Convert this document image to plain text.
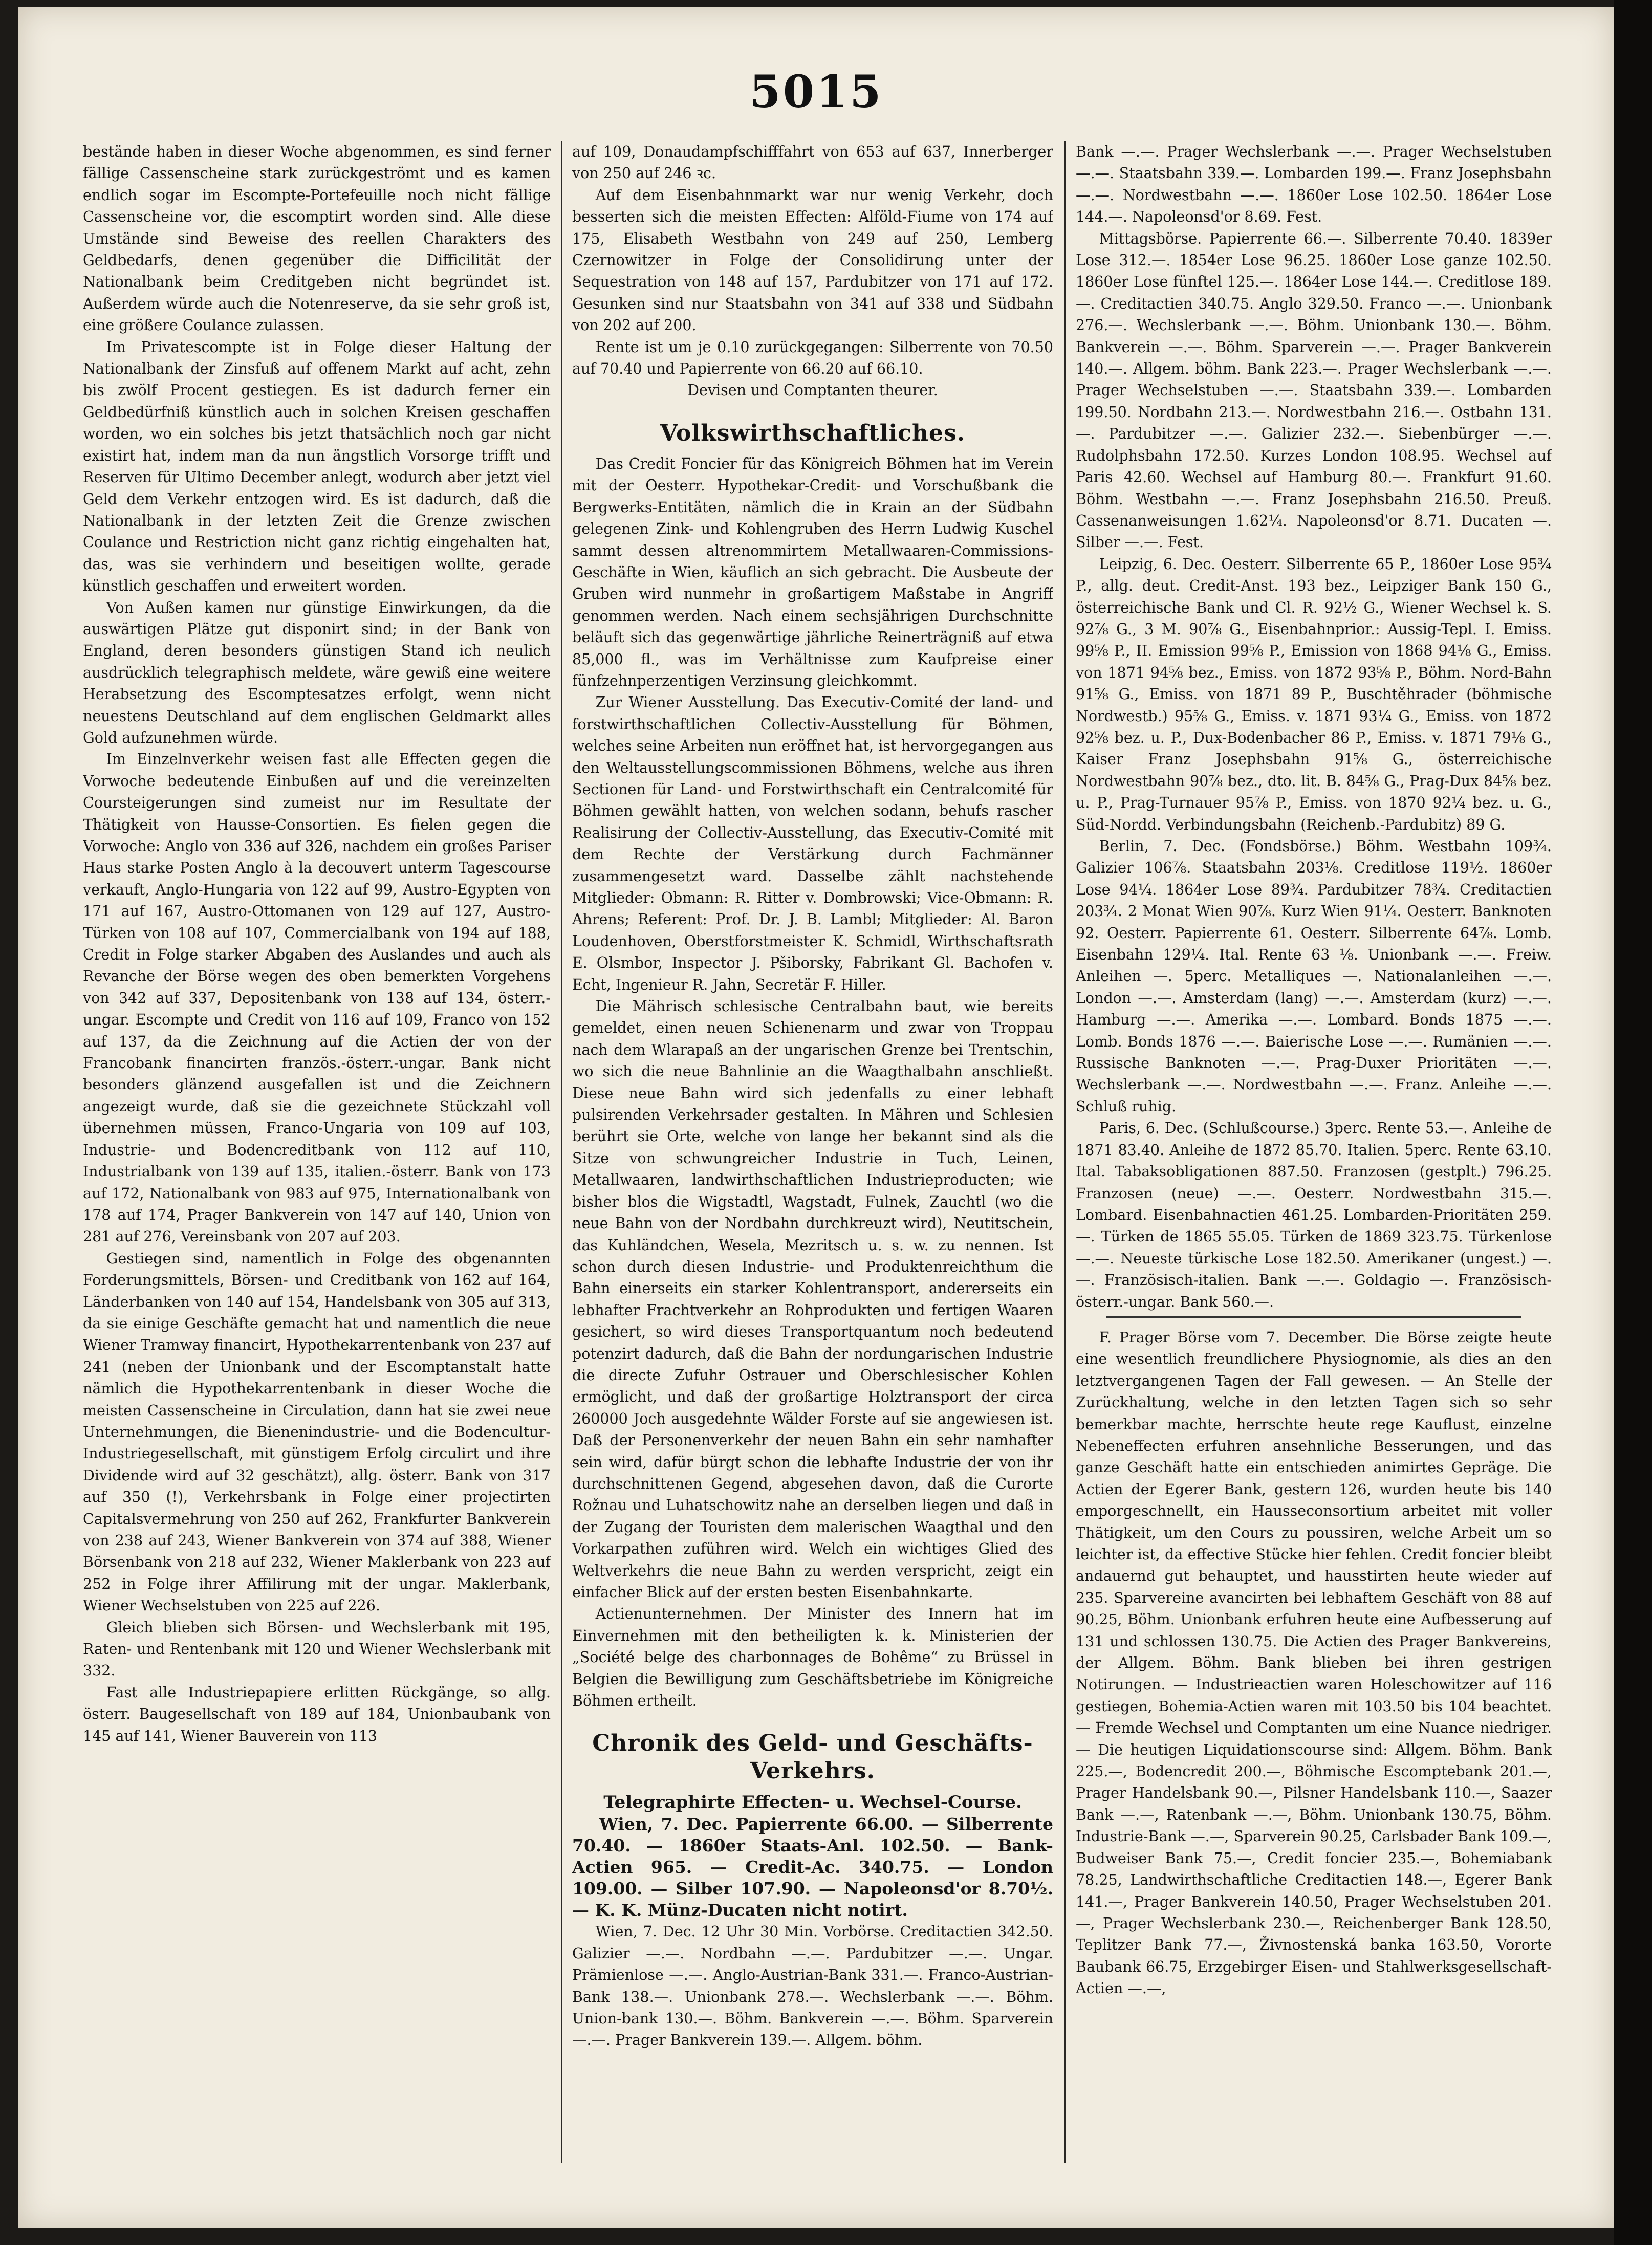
5015

bestände haben in dieser Woche abgenommen, es sind ferner fällige Cassenscheine stark zurückgeströmt und es kamen endlich sogar im Escompte-Portefeuille noch nicht fällige Cassenscheine vor, die escomptirt worden sind. Alle diese Umstände sind Beweise des reellen Charakters des Geldbedarfs, denen gegenüber die Difficilität der Nationalbank beim Creditgeben nicht begründet ist. Außerdem würde auch die Notenreserve, da sie sehr groß ist, eine größere Coulance zulassen.

Im Privatescompte ist in Folge dieser Haltung der Nationalbank der Zinsfuß auf offenem Markt auf acht, zehn bis zwölf Procent gestiegen. Es ist dadurch ferner ein Geldbedürfniß künstlich auch in solchen Kreisen geschaffen worden, wo ein solches bis jetzt thatsächlich noch gar nicht existirt hat, indem man da nun ängstlich Vorsorge trifft und Reserven für Ultimo December anlegt, wodurch aber jetzt viel Geld dem Verkehr entzogen wird. Es ist dadurch, daß die Nationalbank in der letzten Zeit die Grenze zwischen Coulance und Restriction nicht ganz richtig eingehalten hat, das, was sie verhindern und beseitigen wollte, gerade künstlich geschaffen und erweitert worden.

Von Außen kamen nur günstige Einwirkungen, da die auswärtigen Plätze gut disponirt sind; in der Bank von England, deren besonders günstigen Stand ich neulich ausdrücklich telegraphisch meldete, wäre gewiß eine weitere Herabsetzung des Escomptesatzes erfolgt, wenn nicht neuestens Deutschland auf dem englischen Geldmarkt alles Gold aufzunehmen würde.

Im Einzelnverkehr weisen fast alle Effecten gegen die Vorwoche bedeutende Einbußen auf und die vereinzelten Coursteigerungen sind zumeist nur im Resultate der Thätigkeit von Hausse-Consortien. Es fielen gegen die Vorwoche: Anglo von 336 auf 326, nachdem ein großes Pariser Haus starke Posten Anglo à la decouvert unterm Tagescourse verkauft, Anglo-Hungaria von 122 auf 99, Austro-Egypten von 171 auf 167, Austro-Ottomanen von 129 auf 127, Austro-Türken von 108 auf 107, Commercialbank von 194 auf 188, Credit in Folge starker Abgaben des Auslandes und auch als Revanche der Börse wegen des oben bemerkten Vorgehens von 342 auf 337, Depositenbank von 138 auf 134, österr.-ungar. Escompte und Credit von 116 auf 109, Franco von 152 auf 137, da die Zeichnung auf die Actien der von der Francobank financirten französ.-österr.-ungar. Bank nicht besonders glänzend ausgefallen ist und die Zeichnern angezeigt wurde, daß sie die gezeichnete Stückzahl voll übernehmen müssen, Franco-Ungaria von 109 auf 103, Industrie- und Bodencreditbank von 112 auf 110, Industrialbank von 139 auf 135, italien.-österr. Bank von 173 auf 172, Nationalbank von 983 auf 975, Internationalbank von 178 auf 174, Prager Bankverein von 147 auf 140, Union von 281 auf 276, Vereinsbank von 207 auf 203.

Gestiegen sind, namentlich in Folge des obgenannten Forderungsmittels, Börsen- und Creditbank von 162 auf 164, Länderbanken von 140 auf 154, Handelsbank von 305 auf 313, da sie einige Geschäfte gemacht hat und namentlich die neue Wiener Tramway financirt, Hypothekarrentenbank von 237 auf 241 (neben der Unionbank und der Escomptanstalt hatte nämlich die Hypothekarrentenbank in dieser Woche die meisten Cassenscheine in Circulation, dann hat sie zwei neue Unternehmungen, die Bienenindustrie- und die Bodencultur-Industriegesellschaft, mit günstigem Erfolg circulirt und ihre Dividende wird auf 32 geschätzt), allg. österr. Bank von 317 auf 350 (!), Verkehrsbank in Folge einer projectirten Capitalsvermehrung von 250 auf 262, Frankfurter Bankverein von 238 auf 243, Wiener Bankverein von 374 auf 388, Wiener Börsenbank von 218 auf 232, Wiener Maklerbank von 223 auf 252 in Folge ihrer Affilirung mit der ungar. Maklerbank, Wiener Wechselstuben von 225 auf 226.

Gleich blieben sich Börsen- und Wechslerbank mit 195, Raten- und Rentenbank mit 120 und Wiener Wechslerbank mit 332.

Fast alle Industriepapiere erlitten Rückgänge, so allg. österr. Baugesellschaft von 189 auf 184, Unionbaubank von 145 auf 141, Wiener Bauverein von 113

auf 109, Donaudampfschifffahrt von 653 auf 637, Innerberger von 250 auf 246 ꝛc.

Auf dem Eisenbahnmarkt war nur wenig Verkehr, doch besserten sich die meisten Effecten: Alföld-Fiume von 174 auf 175, Elisabeth Westbahn von 249 auf 250, Lemberg Czernowitzer in Folge der Consolidirung unter der Sequestration von 148 auf 157, Pardubitzer von 171 auf 172. Gesunken sind nur Staatsbahn von 341 auf 338 und Südbahn von 202 auf 200.

Rente ist um je 0.10 zurückgegangen: Silberrente von 70.50 auf 70.40 und Papierrente von 66.20 auf 66.10.

Devisen und Comptanten theurer.

Volkswirthschaftliches.

Das Credit Foncier für das Königreich Böhmen hat im Verein mit der Oesterr. Hypothekar-Credit- und Vorschußbank die Bergwerks-Entitäten, nämlich die in Krain an der Südbahn gelegenen Zink- und Kohlengruben des Herrn Ludwig Kuschel sammt dessen altrenommirtem Metallwaaren-Commissions-Geschäfte in Wien, käuflich an sich gebracht. Die Ausbeute der Gruben wird nunmehr in großartigem Maßstabe in Angriff genommen werden. Nach einem sechsjährigen Durchschnitte beläuft sich das gegenwärtige jährliche Reinerträgniß auf etwa 85,000 fl., was im Verhältnisse zum Kaufpreise einer fünfzehnperzentigen Verzinsung gleichkommt.

Zur Wiener Ausstellung. Das Executiv-Comité der land- und forstwirthschaftlichen Collectiv-Ausstellung für Böhmen, welches seine Arbeiten nun eröffnet hat, ist hervorgegangen aus den Weltausstellungscommissionen Böhmens, welche aus ihren Sectionen für Land- und Forstwirthschaft ein Centralcomité für Böhmen gewählt hatten, von welchen sodann, behufs rascher Realisirung der Collectiv-Ausstellung, das Executiv-Comité mit dem Rechte der Verstärkung durch Fachmänner zusammengesetzt ward. Dasselbe zählt nachstehende Mitglieder: Obmann: R. Ritter v. Dombrowski; Vice-Obmann: R. Ahrens; Referent: Prof. Dr. J. B. Lambl; Mitglieder: Al. Baron Loudenhoven, Oberstforstmeister K. Schmidl, Wirthschaftsrath E. Olsmbor, Inspector J. Pšiborsky, Fabrikant Gl. Bachofen v. Echt, Ingenieur R. Jahn, Secretär F. Hiller.

Die Mährisch schlesische Centralbahn baut, wie bereits gemeldet, einen neuen Schienenarm und zwar von Troppau nach dem Wlarapaß an der ungarischen Grenze bei Trentschin, wo sich die neue Bahnlinie an die Waagthalbahn anschließt. Diese neue Bahn wird sich jedenfalls zu einer lebhaft pulsirenden Verkehrsader gestalten. In Mähren und Schlesien berührt sie Orte, welche von lange her bekannt sind als die Sitze von schwungreicher Industrie in Tuch, Leinen, Metallwaaren, landwirthschaftlichen Industrieproducten; wie bisher blos die Wigstadtl, Wagstadt, Fulnek, Zauchtl (wo die neue Bahn von der Nordbahn durchkreuzt wird), Neutitschein, das Kuhländchen, Wesela, Mezritsch u. s. w. zu nennen. Ist schon durch diesen Industrie- und Produktenreichthum die Bahn einerseits ein starker Kohlentransport, andererseits ein lebhafter Frachtverkehr an Rohprodukten und fertigen Waaren gesichert, so wird dieses Transportquantum noch bedeutend potenzirt dadurch, daß die Bahn der nordungarischen Industrie die directe Zufuhr Ostrauer und Oberschlesischer Kohlen ermöglicht, und daß der großartige Holztransport der circa 260000 Joch ausgedehnte Wälder Forste auf sie angewiesen ist. Daß der Personenverkehr der neuen Bahn ein sehr namhafter sein wird, dafür bürgt schon die lebhafte Industrie der von ihr durchschnittenen Gegend, abgesehen davon, daß die Curorte Rožnau und Luhatschowitz nahe an derselben liegen und daß in der Zugang der Touristen dem malerischen Waagthal und den Vorkarpathen zuführen wird. Welch ein wichtiges Glied des Weltverkehrs die neue Bahn zu werden verspricht, zeigt ein einfacher Blick auf der ersten besten Eisenbahnkarte.

Actienunternehmen. Der Minister des Innern hat im Einvernehmen mit den betheiligten k. k. Ministerien der „Société belge des charbonnages de Bohême“ zu Brüssel in Belgien die Bewilligung zum Geschäftsbetriebe im Königreiche Böhmen ertheilt.

Chronik des Geld- und Geschäfts-Verkehrs.
Telegraphirte Effecten- u. Wechsel-Course.

Wien, 7. Dec. Papierrente 66.00. — Silberrente 70.40. — 1860er Staats-Anl. 102.50. — Bank-Actien 965. — Credit-Ac. 340.75. — London 109.00. — Silber 107.90. — Napoleonsd'or 8.70½. — K. K. Münz-Ducaten nicht notirt.

Wien, 7. Dec. 12 Uhr 30 Min. Vorbörse. Creditactien 342.50. Galizier —.—. Nordbahn —.—. Pardubitzer —.—. Ungar. Prämienlose —.—. Anglo-Austrian-Bank 331.—. Franco-Austrian-Bank 138.—. Unionbank 278.—. Wechslerbank —.—. Böhm. Union-bank 130.—. Böhm. Bankverein —.—. Böhm. Sparverein —.—. Prager Bankverein 139.—. Allgem. böhm.

Bank —.—. Prager Wechslerbank —.—. Prager Wechselstuben —.—. Staatsbahn 339.—. Lombarden 199.—. Franz Josephsbahn —.—. Nordwestbahn —.—. 1860er Lose 102.50. 1864er Lose 144.—. Napoleonsd'or 8.69. Fest.

Mittagsbörse. Papierrente 66.—. Silberrente 70.40. 1839er Lose 312.—. 1854er Lose 96.25. 1860er Lose ganze 102.50. 1860er Lose fünftel 125.—. 1864er Lose 144.—. Creditlose 189.—. Creditactien 340.75. Anglo 329.50. Franco —.—. Unionbank 276.—. Wechslerbank —.—. Böhm. Unionbank 130.—. Böhm. Bankverein —.—. Böhm. Sparverein —.—. Prager Bankverein 140.—. Allgem. böhm. Bank 223.—. Prager Wechslerbank —.—. Prager Wechselstuben —.—. Staatsbahn 339.—. Lombarden 199.50. Nordbahn 213.—. Nordwestbahn 216.—. Ostbahn 131.—. Pardubitzer —.—. Galizier 232.—. Siebenbürger —.—. Rudolphsbahn 172.50. Kurzes London 108.95. Wechsel auf Paris 42.60. Wechsel auf Hamburg 80.—. Frankfurt 91.60. Böhm. Westbahn —.—. Franz Josephsbahn 216.50. Preuß. Cassenanweisungen 1.62¼. Napoleonsd'or 8.71. Ducaten —. Silber —.—. Fest.

Leipzig, 6. Dec. Oesterr. Silberrente 65 P., 1860er Lose 95¾ P., allg. deut. Credit-Anst. 193 bez., Leipziger Bank 150 G., österreichische Bank und Cl. R. 92½ G., Wiener Wechsel k. S. 92⅞ G., 3 M. 90⅞ G., Eisenbahnprior.: Aussig-Tepl. I. Emiss. 99⅝ P., II. Emission 99⅝ P., Emission von 1868 94⅛ G., Emiss. von 1871 94⅝ bez., Emiss. von 1872 93⅝ P., Böhm. Nord-Bahn 91⅝ G., Emiss. von 1871 89 P., Buschtěhrader (böhmische Nordwestb.) 95⅝ G., Emiss. v. 1871 93¼ G., Emiss. von 1872 92⅝ bez. u. P., Dux-Bodenbacher 86 P., Emiss. v. 1871 79⅛ G., Kaiser Franz Josephsbahn 91⅝ G., österreichische Nordwestbahn 90⅞ bez., dto. lit. B. 84⅝ G., Prag-Dux 84⅝ bez. u. P., Prag-Turnauer 95⅞ P., Emiss. von 1870 92¼ bez. u. G., Süd-Nordd. Verbindungsbahn (Reichenb.-Pardubitz) 89 G.

Berlin, 7. Dec. (Fondsbörse.) Böhm. Westbahn 109¾. Galizier 106⅞. Staatsbahn 203⅛. Creditlose 119½. 1860er Lose 94¼. 1864er Lose 89¾. Pardubitzer 78¾. Creditactien 203¾. 2 Monat Wien 90⅞. Kurz Wien 91¼. Oesterr. Banknoten 92. Oesterr. Papierrente 61. Oesterr. Silberrente 64⅞. Lomb. Eisenbahn 129¼. Ital. Rente 63 ⅛. Unionbank —.—. Freiw. Anleihen —. 5perc. Metalliques —. Nationalanleihen —.—. London —.—. Amsterdam (lang) —.—. Amsterdam (kurz) —.—. Hamburg —.—. Amerika —.—. Lombard. Bonds 1875 —.—. Lomb. Bonds 1876 —.—. Baierische Lose —.—. Rumänien —.—. Russische Banknoten —.—. Prag-Duxer Prioritäten —.—. Wechslerbank —.—. Nordwestbahn —.—. Franz. Anleihe —.—. Schluß ruhig.

Paris, 6. Dec. (Schlußcourse.) 3perc. Rente 53.—. Anleihe de 1871 83.40. Anleihe de 1872 85.70. Italien. 5perc. Rente 63.10. Ital. Tabaksobligationen 887.50. Franzosen (gestplt.) 796.25. Franzosen (neue) —.—. Oesterr. Nordwestbahn 315.—. Lombard. Eisenbahnactien 461.25. Lombarden-Prioritäten 259.—. Türken de 1865 55.05. Türken de 1869 323.75. Türkenlose —.—. Neueste türkische Lose 182.50. Amerikaner (ungest.) —.—. Französisch-italien. Bank —.—. Goldagio —. Französisch-österr.-ungar. Bank 560.—.

F. Prager Börse vom 7. December. Die Börse zeigte heute eine wesentlich freundlichere Physiognomie, als dies an den letztvergangenen Tagen der Fall gewesen. — An Stelle der Zurückhaltung, welche in den letzten Tagen sich so sehr bemerkbar machte, herrschte heute rege Kauflust, einzelne Nebeneffecten erfuhren ansehnliche Besserungen, und das ganze Geschäft hatte ein entschieden animirtes Gepräge. Die Actien der Egerer Bank, gestern 126, wurden heute bis 140 emporgeschnellt, ein Hausseconsortium arbeitet mit voller Thätigkeit, um den Cours zu poussiren, welche Arbeit um so leichter ist, da effective Stücke hier fehlen. Credit foncier bleibt andauernd gut behauptet, und hausstirten heute wieder auf 235. Sparvereine avancirten bei lebhaftem Geschäft von 88 auf 90.25, Böhm. Unionbank erfuhren heute eine Aufbesserung auf 131 und schlossen 130.75. Die Actien des Prager Bankvereins, der Allgem. Böhm. Bank blieben bei ihren gestrigen Notirungen. — Industrieactien waren Holeschowitzer auf 116 gestiegen, Bohemia-Actien waren mit 103.50 bis 104 beachtet. — Fremde Wechsel und Comptanten um eine Nuance niedriger. — Die heutigen Liquidationscourse sind: Allgem. Böhm. Bank 225.—, Bodencredit 200.—, Böhmische Escomptebank 201.—, Prager Handelsbank 90.—, Pilsner Handelsbank 110.—, Saazer Bank —.—, Ratenbank —.—, Böhm. Unionbank 130.75, Böhm. Industrie-Bank —.—, Sparverein 90.25, Carlsbader Bank 109.—, Budweiser Bank 75.—, Credit foncier 235.—, Bohemiabank 78.25, Landwirthschaftliche Creditactien 148.—, Egerer Bank 141.—, Prager Bankverein 140.50, Prager Wechselstuben 201.—, Prager Wechslerbank 230.—, Reichenberger Bank 128.50, Teplitzer Bank 77.—, Živnostenská banka 163.50, Vororte Baubank 66.75, Erzgebirger Eisen- und Stahlwerksgesellschaft-Actien —.—,
